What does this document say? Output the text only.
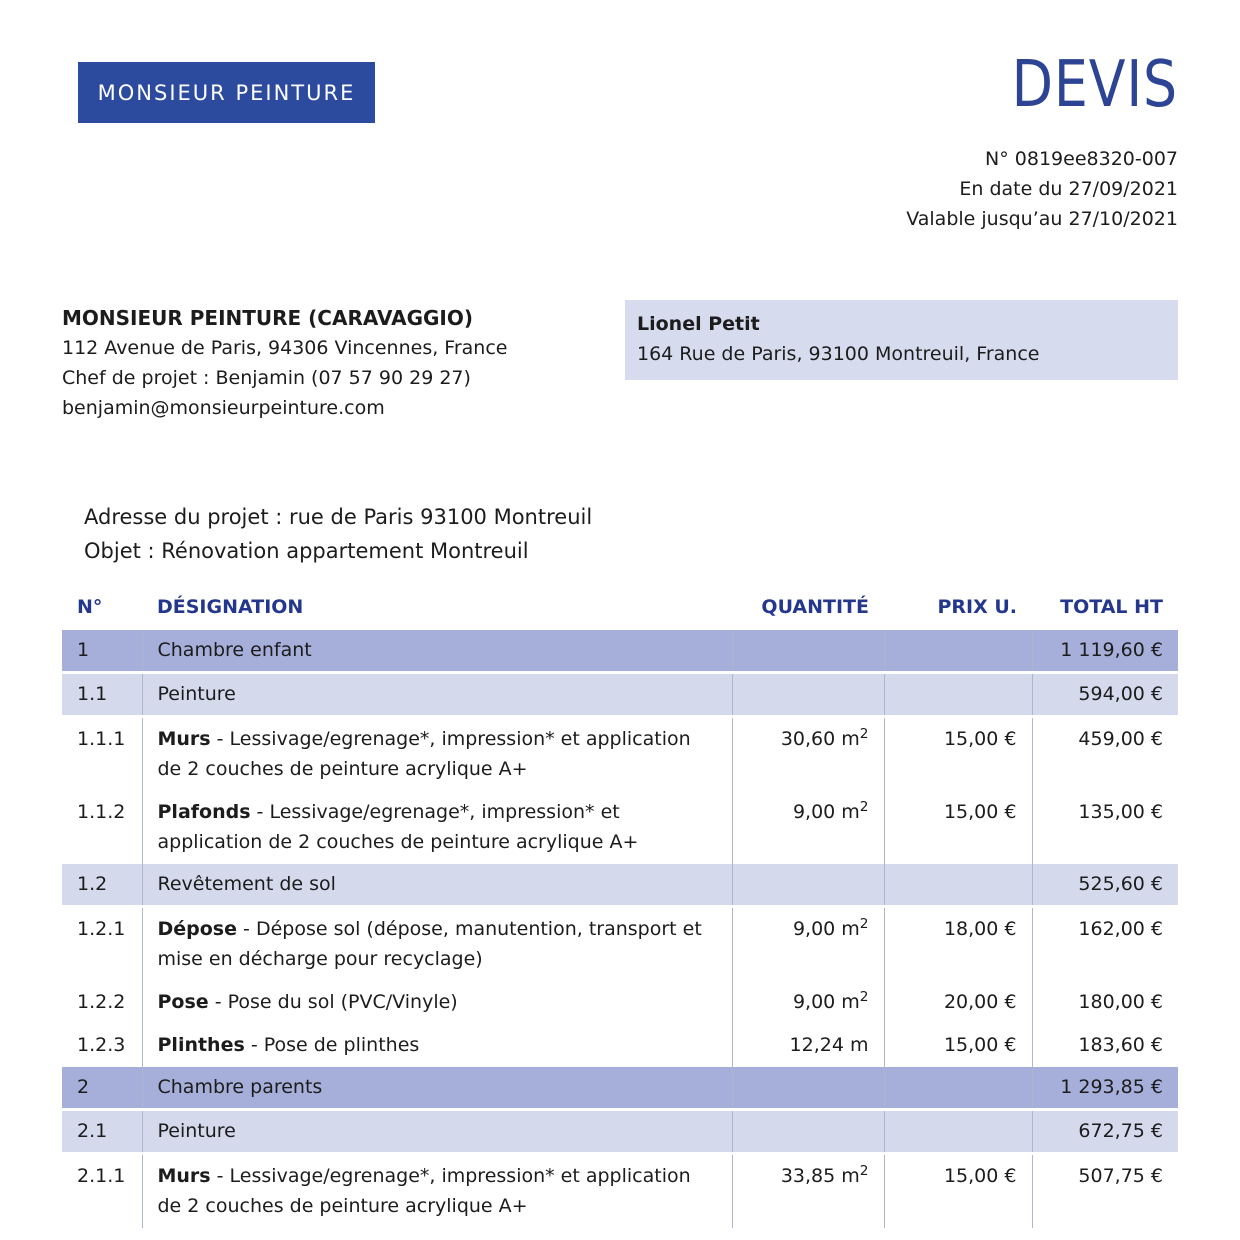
MONSIEUR PEINTURE	DEVIS
N° 0819ee8320-007
En date du 27/09/2021
Valable jusqu’au 27/10/2021
MONSIEUR PEINTURE (CARAVAGGIO)
112 Avenue de Paris, 94306 Vincennes, France
Chef de projet : Benjamin (07 57 90 29 27)
benjamin@monsieurpeinture.com
Lionel Petit
164 Rue de Paris, 93100 Montreuil, France
Adresse du projet : rue de Paris 93100 Montreuil
Objet : Rénovation appartement Montreuil
N°	DÉSIGNATION	QUANTITÉ	PRIX U.	TOTAL HT
1	Chambre enfant			1 119,60 €
1.1	Peinture			594,00 €
1.1.1	Murs - Lessivage/egrenage*, impression* et application de 2 couches de peinture acrylique A+	30,60 $m^2$	15,00 €	459,00 €
1.1.2	Plafonds - Lessivage/egrenage*, impression* et application de 2 couches de peinture acrylique A+	9,00 $m^2$	15,00 €	135,00 €
1.2	Revêtement de sol			525,60 €
1.2.1	Dépose - Dépose sol (dépose, manutention, transport et mise en décharge pour recyclage)	9,00 $m^2$	18,00 €	162,00 €
1.2.2	Pose - Pose du sol (PVC/Vinyle)	9,00 $m^2$	20,00 €	180,00 €
1.2.3	Plinthes - Pose de plinthes	12,24 m	15,00 €	183,60 €
2	Chambre parents			1 293,85 €
2.1	Peinture			672,75 €
2.1.1	Murs - Lessivage/egrenage*, impression* et application de 2 couches de peinture acrylique A+	33,85 $m^2$	15,00 €	507,75 €
